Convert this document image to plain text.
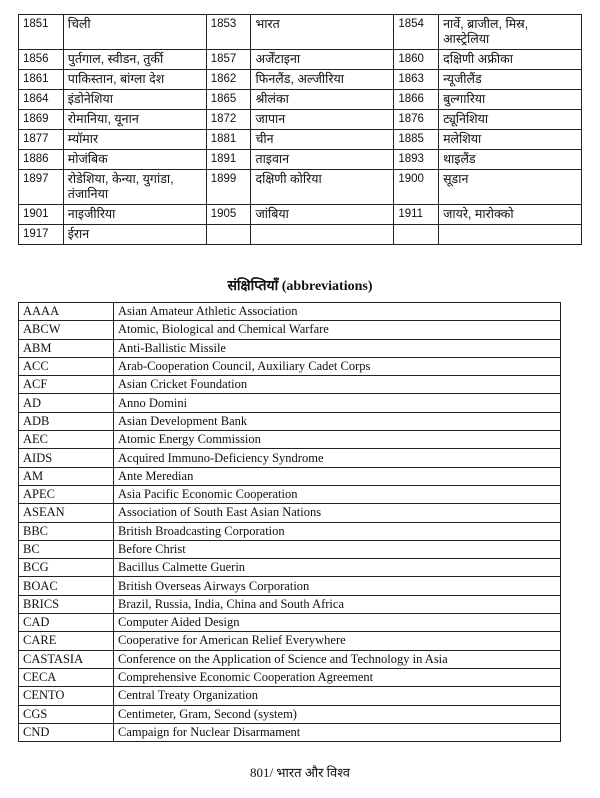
1851	चिली	1853	भारत	1854	नार्वे, ब्राजील, मिस्र, आस्ट्रेलिया
1856	पुर्तगाल, स्वीडन, तुर्की	1857	अर्जेंटाइना	1860	दक्षिणी अफ्रीका
1861	पाकिस्तान, बांग्ला देश	1862	फिनलैंड, अल्जीरिया	1863	न्यूजीलैंड
1864	इंडोनेशिया	1865	श्रीलंका	1866	बुल्गारिया
1869	रोमानिया, यूनान	1872	जापान	1876	ट्यूनिशिया
1877	म्यॉमार	1881	चीन	1885	मलेशिया
1886	मोजंबिक	1891	ताइवान	1893	थाइलैंड
1897	रोडेशिया, केन्या, युगांडा, तंजानिया	1899	दक्षिणी कोरिया	1900	सूडान
1901	नाइजीरिया	1905	जांबिया	1911	जायरे, मारोक्को
1917	ईरान				
संक्षिप्तियाँ (abbreviations)
AAAA	Asian Amateur Athletic Association
ABCW	Atomic, Biological and Chemical Warfare
ABM	Anti-Ballistic Missile
ACC	Arab-Cooperation Council, Auxiliary Cadet Corps
ACF	Asian Cricket Foundation
AD	Anno Domini
ADB	Asian Development Bank
AEC	Atomic Energy Commission
AIDS	Acquired Immuno-Deficiency Syndrome
AM	Ante Meredian
APEC	Asia Pacific Economic Cooperation
ASEAN	Association of South East Asian Nations
BBC	British Broadcasting Corporation
BC	Before Christ
BCG	Bacillus Calmette Guerin
BOAC	British Overseas Airways Corporation
BRICS	Brazil, Russia, India, China and South Africa
CAD	Computer Aided Design
CARE	Cooperative for American Relief Everywhere
CASTASIA	Conference on the Application of Science and Technology in Asia
CECA	Comprehensive Economic Cooperation Agreement
CENTO	Central Treaty Organization
CGS	Centimeter, Gram, Second (system)
CND	Campaign for Nuclear Disarmament
801/ भारत और विश्व
